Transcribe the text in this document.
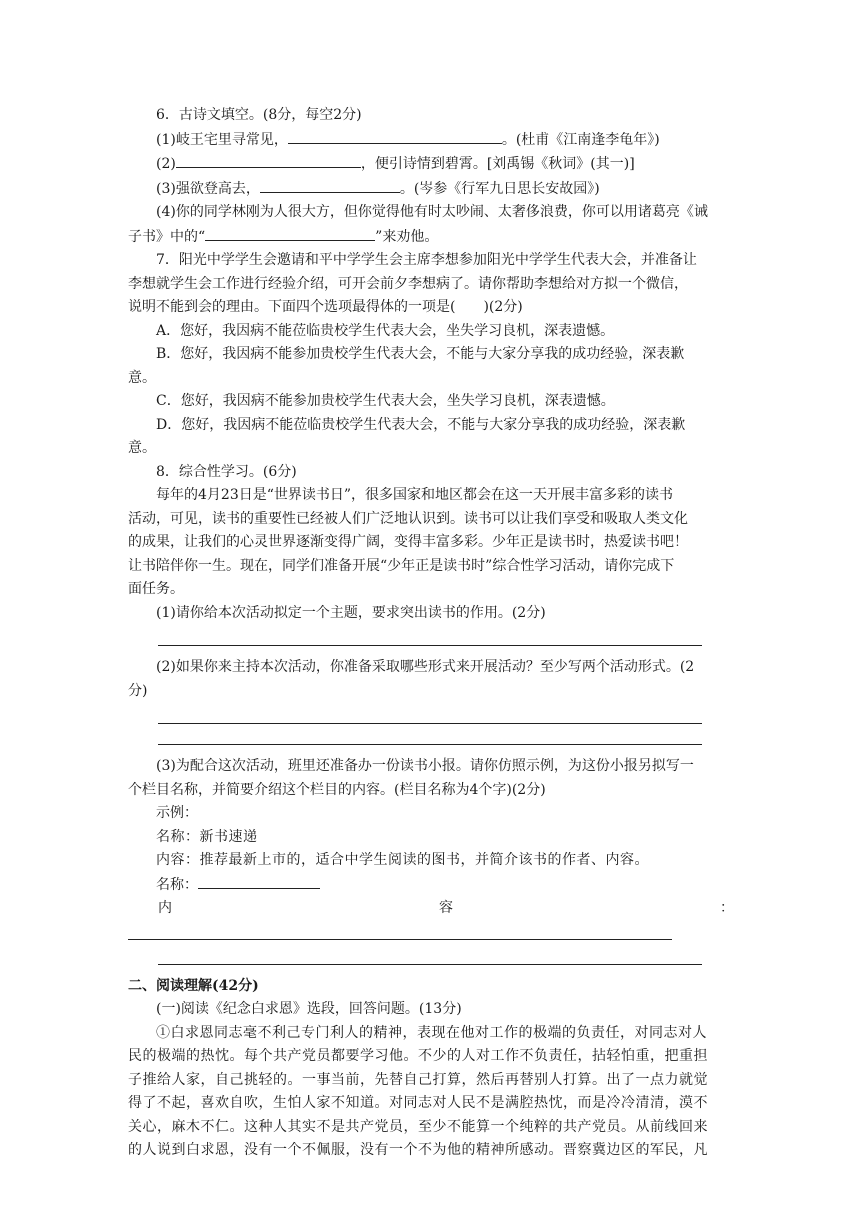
6．古诗文填空。(8分，每空2分)

(1)岐王宅里寻常见，	。(杜甫《江南逢李龟年》)

(2)	，便引诗情到碧霄。[刘禹锡《秋词》(其一)]

(3)强欲登高去，	。(岑参《行军九日思长安故园》)

(4)你的同学林刚为人很大方，但你觉得他有时太吵闹、太奢侈浪费，你可以用诸葛亮《诫

子书》中的“	”来劝他。

7．阳光中学学生会邀请和平中学学生会主席李想参加阳光中学学生代表大会，并准备让

李想就学生会工作进行经验介绍，可开会前夕李想病了。请你帮助李想给对方拟一个微信，

说明不能到会的理由。下面四个选项最得体的一项是(　　)(2分)

A．您好，我因病不能莅临贵校学生代表大会，坐失学习良机，深表遗憾。

B．您好，我因病不能参加贵校学生代表大会，不能与大家分享我的成功经验，深表歉

意。

C．您好，我因病不能参加贵校学生代表大会，坐失学习良机，深表遗憾。

D．您好，我因病不能莅临贵校学生代表大会，不能与大家分享我的成功经验，深表歉

意。

8．综合性学习。(6分)

每年的4月23日是“世界读书日”，很多国家和地区都会在这一天开展丰富多彩的读书

活动，可见，读书的重要性已经被人们广泛地认识到。读书可以让我们享受和吸取人类文化

的成果，让我们的心灵世界逐渐变得广阔，变得丰富多彩。少年正是读书时，热爱读书吧！

让书陪伴你一生。现在，同学们准备开展“少年正是读书时”综合性学习活动，请你完成下

面任务。

(1)请你给本次活动拟定一个主题，要求突出读书的作用。(2分)

(2)如果你来主持本次活动，你准备采取哪些形式来开展活动？至少写两个活动形式。(2

分)

(3)为配合这次活动，班里还准备办一份读书小报。请你仿照示例，为这份小报另拟写一

个栏目名称，并简要介绍这个栏目的内容。(栏目名称为4个字)(2分)

示例：

名称：新书速递

内容：推荐最新上市的，适合中学生阅读的图书，并简介该书的作者、内容。

名称：

内	容	：

二、阅读理解(42分)

(一)阅读《纪念白求恩》选段，回答问题。(13分)

①白求恩同志毫不利己专门利人的精神，表现在他对工作的极端的负责任，对同志对人

民的极端的热忱。每个共产党员都要学习他。不少的人对工作不负责任，拈轻怕重，把重担

子推给人家，自己挑轻的。一事当前，先替自己打算，然后再替别人打算。出了一点力就觉

得了不起，喜欢自吹，生怕人家不知道。对同志对人民不是满腔热忱，而是冷冷清清，漠不

关心，麻木不仁。这种人其实不是共产党员，至少不能算一个纯粹的共产党员。从前线回来

的人说到白求恩，没有一个不佩服，没有一个不为他的精神所感动。晋察冀边区的军民，凡
